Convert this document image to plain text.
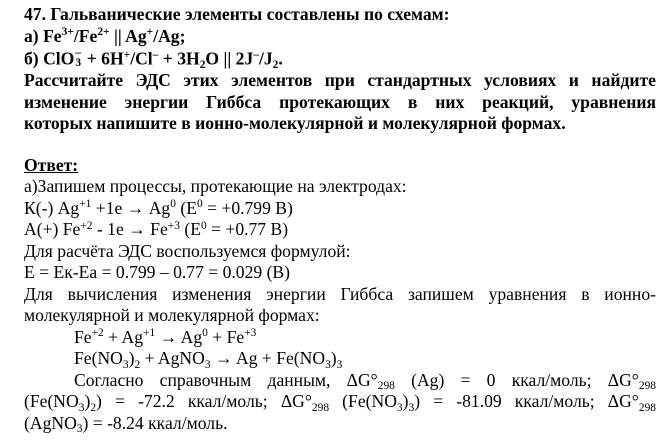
47. Гальванические элементы составлены по схемам:
а) $Fe^{3+}/Fe^{2+}$ || Ag+/Ag;
б) ClO –
$3 + 6H^+/Cl^- + 3H_2O$ || $2J^-/J_2$.
Рассчитайте ЭДС этих элементов при стандартных условиях и найдите
изменение энергии Гиббса протекающих в них реакций, уравнения
которых напишите в ионно-молекулярной и молекулярной формах.
Ответ:
а)Запишем процессы, протекающие на электродах:
К(-) $Ag^{+1} +1е \to Ag^0$ ($E^0 = +0.799$ В)
А(+) $Fe^{+2} - 1е \to Fe^{+3}$ ($E^0 = +0.77$ В)
Для расчёта ЭДС воспользуемся формулой:
E = Eк-Eа = 0.799 – 0.77 = 0.029 (В)
Для вычисления изменения энергии Гиббса запишем уравнения в ионно-
молекулярной и молекулярной формах:
$Fe^{+2} + Ag^{+1} \to Ag^0 + Fe^{+3}$
$Fe(NO_3)_2$ + AgNO$_3$ → $Ag + Fe(NO_3)_3$
Согласно справочным данным, $\Delta G^\circ_{298}$ (Ag) = 0 ккал/моль; $\Delta G^\circ_{298}$
$(Fe(NO_3)_2) = -72.2$ ккал/моль; $\Delta G^\circ_{298}$ $(Fe(NO_3)_3) = -81.09$ ккал/моль; $\Delta G^\circ_{298}$
(AgNO$_3$) = -8.24 ккал/моль.
